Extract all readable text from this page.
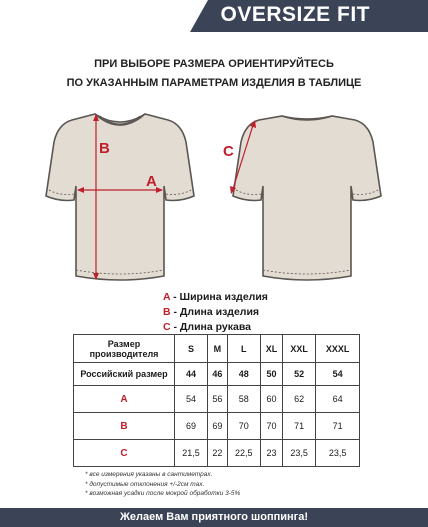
OVERSIZE FIT
ПРИ ВЫБОРЕ РАЗМЕРА ОРИЕНТИРУЙТЕСЬ
ПО УКАЗАННЫМ ПАРАМЕТРАМ ИЗДЕЛИЯ В ТАБЛИЦЕ
B
A
C
A - Ширина изделия
B - Длина изделия
C - Длина рукава
Размер
производителя	S	M	L	XL	XXL	XXXL
Российский размер	44	46	48	50	52	54
A	54	56	58	60	62	64
B	69	69	70	70	71	71
C	21,5	22	22,5	23	23,5	23,5
* все измерения указаны в сантиметрах.
* допустимые отклонения +/-2см max.
* возможная усадки после мокрой обработки 3-5%
Желаем Вам приятного шоппинга!
